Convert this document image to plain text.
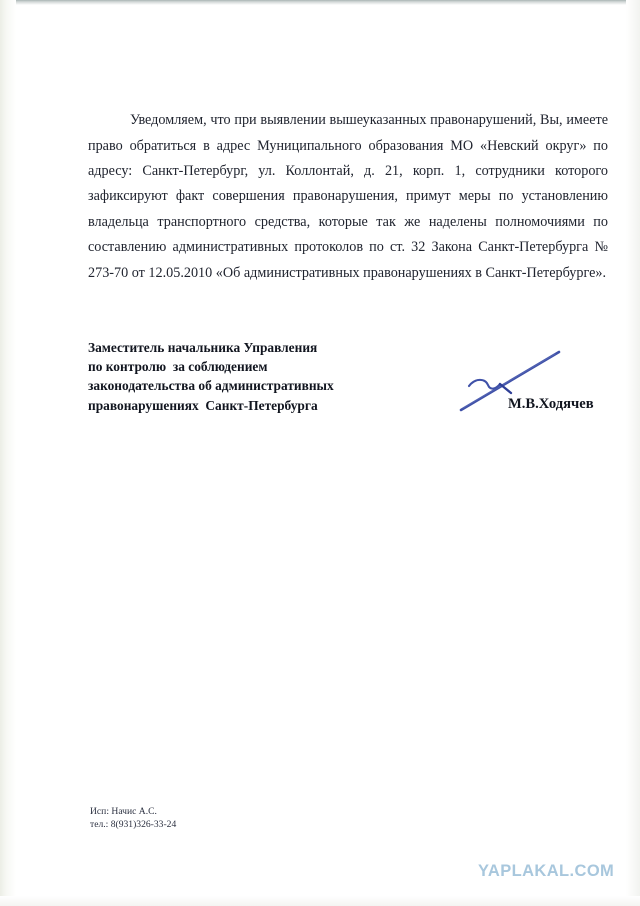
Уведомляем, что при выявлении вышеуказанных правонарушений, Вы, имеете право обратиться в адрес Муниципального образования МО «Невский округ» по адресу: Санкт-Петербург, ул. Коллонтай, д. 21, корп. 1, сотрудники которого зафиксируют факт совершения правонарушения, примут меры по установлению владельца транспортного средства, которые так же наделены полномочиями по составлению административных протоколов по ст. 32 Закона Санкт-Петербурга № 273-70 от 12.05.2010 «Об административных правонарушениях в Санкт-Петербурге».

Заместитель начальника Управления
по контролю  за соблюдением
законодательства об административных
правонарушениях  Санкт-Петербурга	М.В.Ходячев
Исп: Начис А.С.
тел.: 8(931)326-33-24
YAPLAKAL.COM
